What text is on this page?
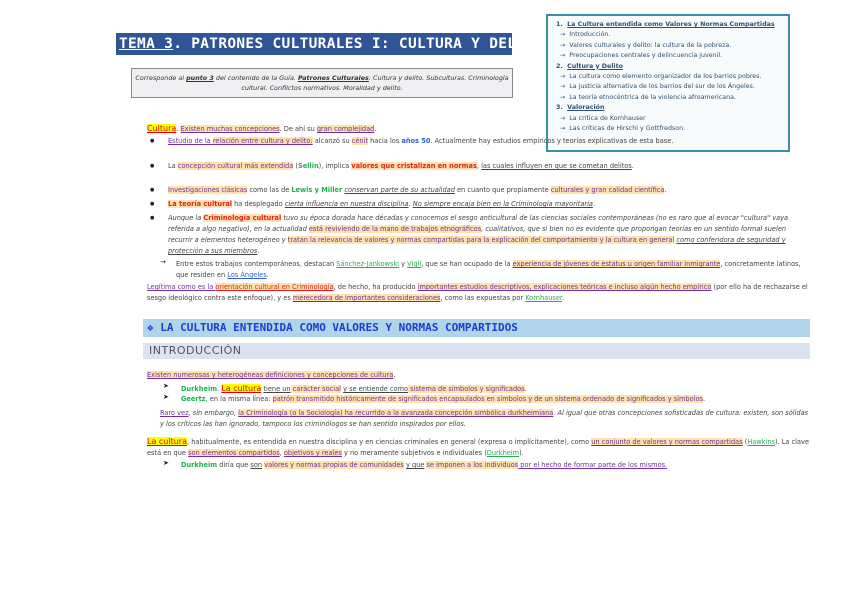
TEMA 3. PATRONES CULTURALES I: CULTURA Y DELITO
Corresponde al punto 3 del contenido de la Guía. Patrones Culturales: Cultura y delito. Subculturas. Criminología cultural. Conflictos normativos. Moralidad y delito.
1. La Cultura entendida como Valores y Normas Compartidas
→ Introducción.
→ Valores culturales y delito: la cultura de la pobreza.
→ Preocupaciones centrales y delincuencia juvenil.
2. Cultura y Delito
→ La cultura como elemento organizador de los barrios pobres.
→ La justicia alternativa de los barrios del sur de los Ángeles.
→ La teoría etnocéntrica de la violencia afroamericana.
3. Valoración
→ La crítica de Kornhauser
→ Las críticas de Hirschi y Gottfredson.
Cultura. Existen muchas concepciones. De ahí su gran complejidad.
● Estudio de la relación entre cultura y delito: alcanzó su cénit hacia los años 50. Actualmente hay estudios empíricos y teorías explicativas de esta base.
● La concepción cultural más extendida (Sellin), implica valores que cristalizan en normas, las cuales influyen en que se cometan delitos.
● Investigaciones clásicas como las de Lewis y Miller conservan parte de su actualidad en cuanto que propiamente culturales y gran calidad científica.
● La teoría cultural ha desplegado cierta influencia en nuestra disciplina. No siempre encaja bien en la Criminología mayoritaria.
● Aunque la Criminología cultural tuvo su época dorada hace décadas y conocemos el sesgo anticultural de las ciencias sociales contemporáneas (no es raro que al evocar "cultura" vaya referida a algo negativo), en la actualidad está reviviendo de la mano de trabajos etnográficos, cualitativos, que si bien no es evidente que propongan teorías en un sentido formal suelen recurrir a elementos heterogéneo y tratan la relevancia de valores y normas compartidas para la explicación del comportamiento y la cultura en general como conferidora de seguridad y protección a sus miembros.
→ Entre estos trabajos contemporáneos, destacan Sánchez-Jankowski y Vigil, que se han ocupado de la experiencia de jóvenes de estatus u origen familiar inmigrante, concretamente latinos, que residen en Los Ángeles.
Legítima como es la orientación cultural en Criminología, de hecho, ha producido importantes estudios descriptivos, explicaciones teóricas e incluso algún hecho empírico (por ello ha de rechazarse el sesgo ideológico contra este enfoque), y es merecedora de importantes consideraciones, como las expuestas por Kornhauser.
❖ LA CULTURA ENTENDIDA COMO VALORES Y NORMAS COMPARTIDOS
INTRODUCCIÓN
Existen numerosas y heterogéneas definiciones y concepciones de cultura.
➤ Durkheim. La cultura tiene un carácter social y se entiende como sistema de símbolos y significados.
➤ Geertz, en la misma línea: patrón transmitido históricamente de significados encapsulados en símbolos y de un sistema ordenado de significados y símbolos.
Raro vez, sin embargo, la Criminología (o la Sociología) ha recurrido a la avanzada concepción simbólica durkheimiana. Al igual que otras concepciones sofisticadas de cultura: existen, son sólidas y los críticos las han ignorado, tampoco los criminólogos se han sentido inspirados por ellos.
La cultura, habitualmente, es entendida en nuestra disciplina y en ciencias criminales en general (expresa o implícitamente), como un conjunto de valores y normas compartidas (Hawkins). La clave está en que son elementos compartidos, objetivos y reales y no meramente subjetivos e individuales (Durkheim).
➤ Durkheim diría que son valores y normas propias de comunidades y que se imponen a los individuos por el hecho de formar parte de los mismos.
